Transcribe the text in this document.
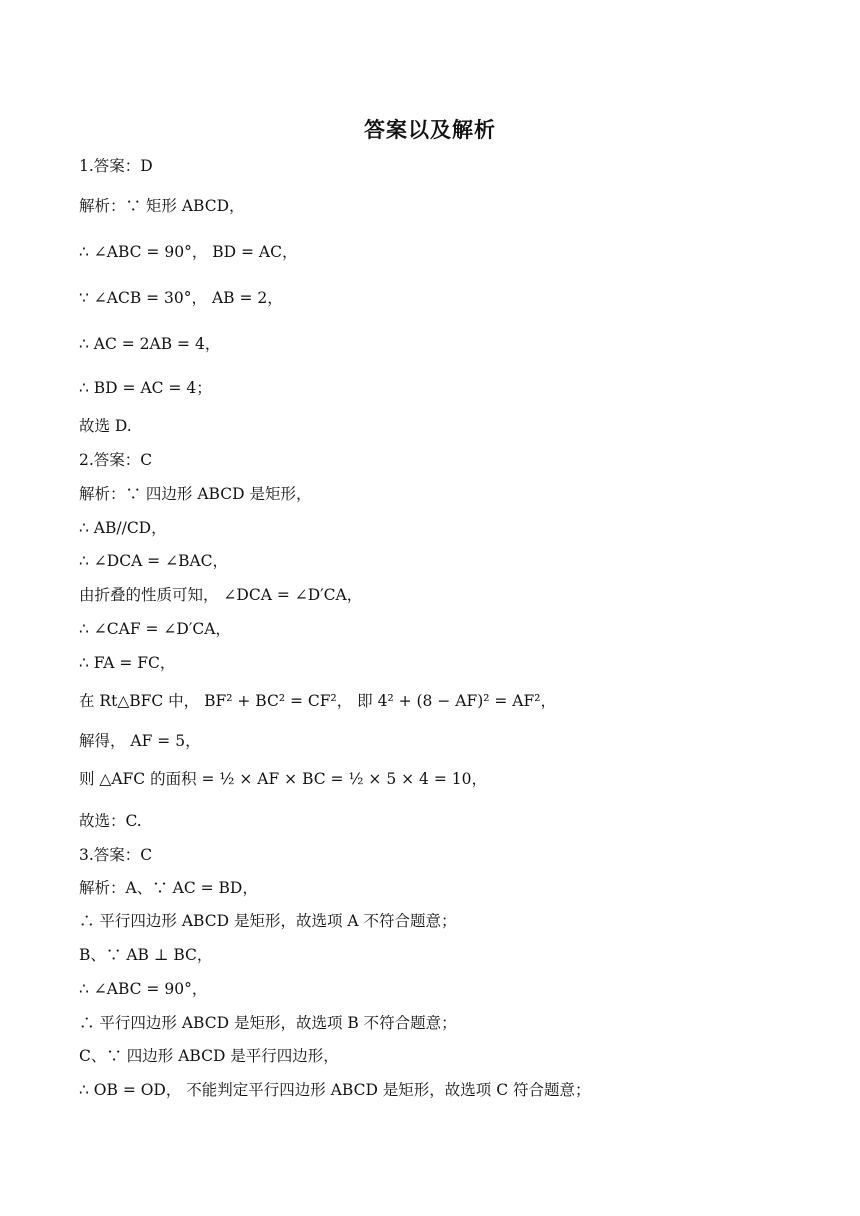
答案以及解析
1.答案：D
解析：∵ 矩形 ABCD，
∴ ∠ABC = 90°， BD = AC，
∵ ∠ACB = 30°， AB = 2，
∴ AC = 2AB = 4，
∴ BD = AC = 4；
故选 D.
2.答案：C
解析：∵ 四边形 ABCD 是矩形，
∴ AB//CD，
∴ ∠DCA = ∠BAC，
由折叠的性质可知， ∠DCA = ∠D′CA，
∴ ∠CAF = ∠D′CA，
∴ FA = FC，
在 Rt△BFC 中， BF² + BC² = CF²， 即 4² + (8 − AF)² = AF²，
解得， AF = 5，
则 △AFC 的面积 = ½ × AF × BC = ½ × 5 × 4 = 10，
故选：C.
3.答案：C
解析：A、∵ AC = BD，
∴ 平行四边形 ABCD 是矩形，故选项 A 不符合题意；
B、∵ AB ⊥ BC，
∴ ∠ABC = 90°，
∴ 平行四边形 ABCD 是矩形，故选项 B 不符合题意；
C、∵ 四边形 ABCD 是平行四边形，
∴ OB = OD， 不能判定平行四边形 ABCD 是矩形，故选项 C 符合题意；
